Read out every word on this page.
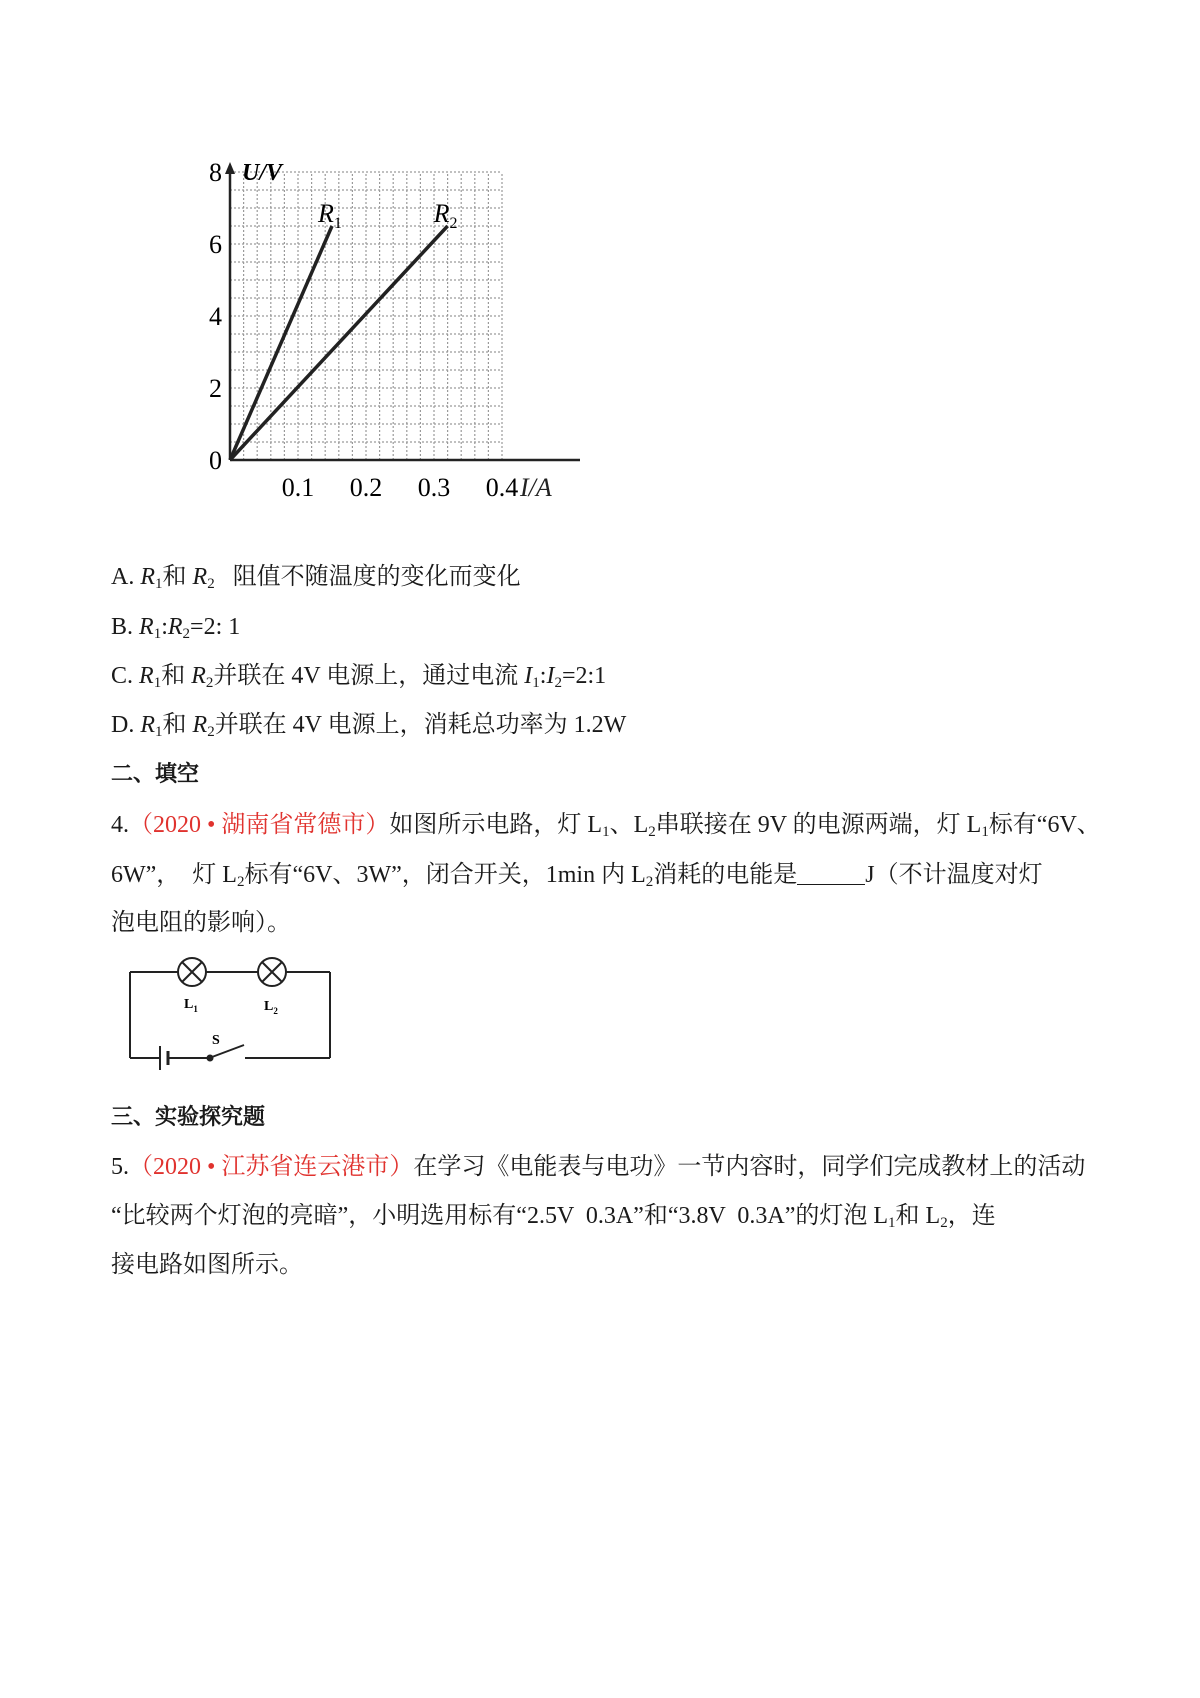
0
2
4
6
8
0.1 0.2 0.3 0.4
U/V
I/A
$R_1$	$R_2$
A. $R_1$和 $R_2$   阻值不随温度的变化而变化
B. $R_1:R_2=2$: 1
C. $R_1$和 $R_2$并联在 4V 电源上，通过电流 $I_1:I_2=2:1$
D. $R_1$和 $R_2$并联在 4V 电源上，消耗总功率为 1.2W
二、填空
4.（2020 • 湖南省常德市）如图所示电路，灯 $L_1$、$L_2$串联接在 9V 的电源两端，灯 $L_1$标有“6V、
6W”，  灯 $L_2$标有“6V、3W”，闭合开关，1min 内 $L_2$消耗的电能是	J（不计温度对灯
泡电阻的影响）。
$L_1$	$L_2$
S
三、实验探究题
5.（2020 • 江苏省连云港市）在学习《电能表与电功》一节内容时，同学们完成教材上的活动
“比较两个灯泡的亮暗”，小明选用标有“2.5V  0.3A”和“3.8V  0.3A”的灯泡 $L_1$和 $L_2$，连
接电路如图所示。
